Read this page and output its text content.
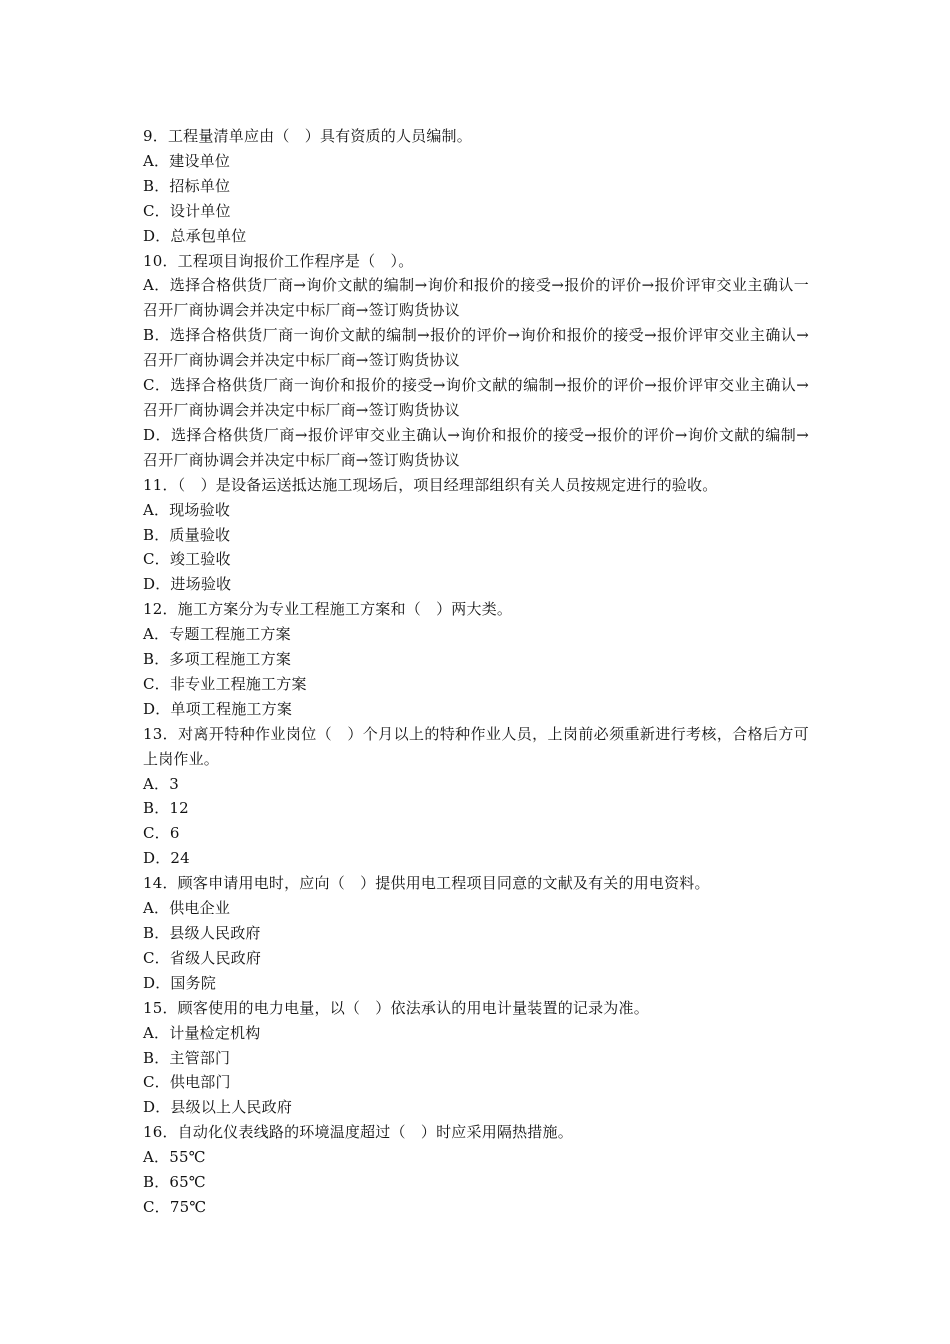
9．工程量清单应由（　）具有资质的人员编制。

A．建设单位

B．招标单位

C．设计单位

D．总承包单位

10．工程项目询报价工作程序是（　）。

A．选择合格供货厂商→询价文献的编制→询价和报价的接受→报价的评价→报价评审交业主确认一召开厂商协调会并决定中标厂商→签订购货协议

B．选择合格供货厂商一询价文献的编制→报价的评价→询价和报价的接受→报价评审交业主确认→召开厂商协调会并决定中标厂商→签订购货协议

C．选择合格供货厂商一询价和报价的接受→询价文献的编制→报价的评价→报价评审交业主确认→召开厂商协调会并决定中标厂商→签订购货协议

D．选择合格供货厂商→报价评审交业主确认→询价和报价的接受→报价的评价→询价文献的编制→召开厂商协调会并决定中标厂商→签订购货协议

11．（　）是设备运送抵达施工现场后，项目经理部组织有关人员按规定进行的验收。

A．现场验收

B．质量验收

C．竣工验收

D．进场验收

12．施工方案分为专业工程施工方案和（　）两大类。

A．专题工程施工方案

B．多项工程施工方案

C．非专业工程施工方案

D．单项工程施工方案

13．对离开特种作业岗位（　）个月以上的特种作业人员，上岗前必须重新进行考核，合格后方可上岗作业。

A．3

B．12

C．6

D．24

14．顾客申请用电时，应向（　）提供用电工程项目同意的文献及有关的用电资料。

A．供电企业

B．县级人民政府

C．省级人民政府

D．国务院

15．顾客使用的电力电量，以（　）依法承认的用电计量装置的记录为准。

A．计量检定机构

B．主管部门

C．供电部门

D．县级以上人民政府

16．自动化仪表线路的环境温度超过（　）时应采用隔热措施。

A．55℃

B．65℃

C．75℃
